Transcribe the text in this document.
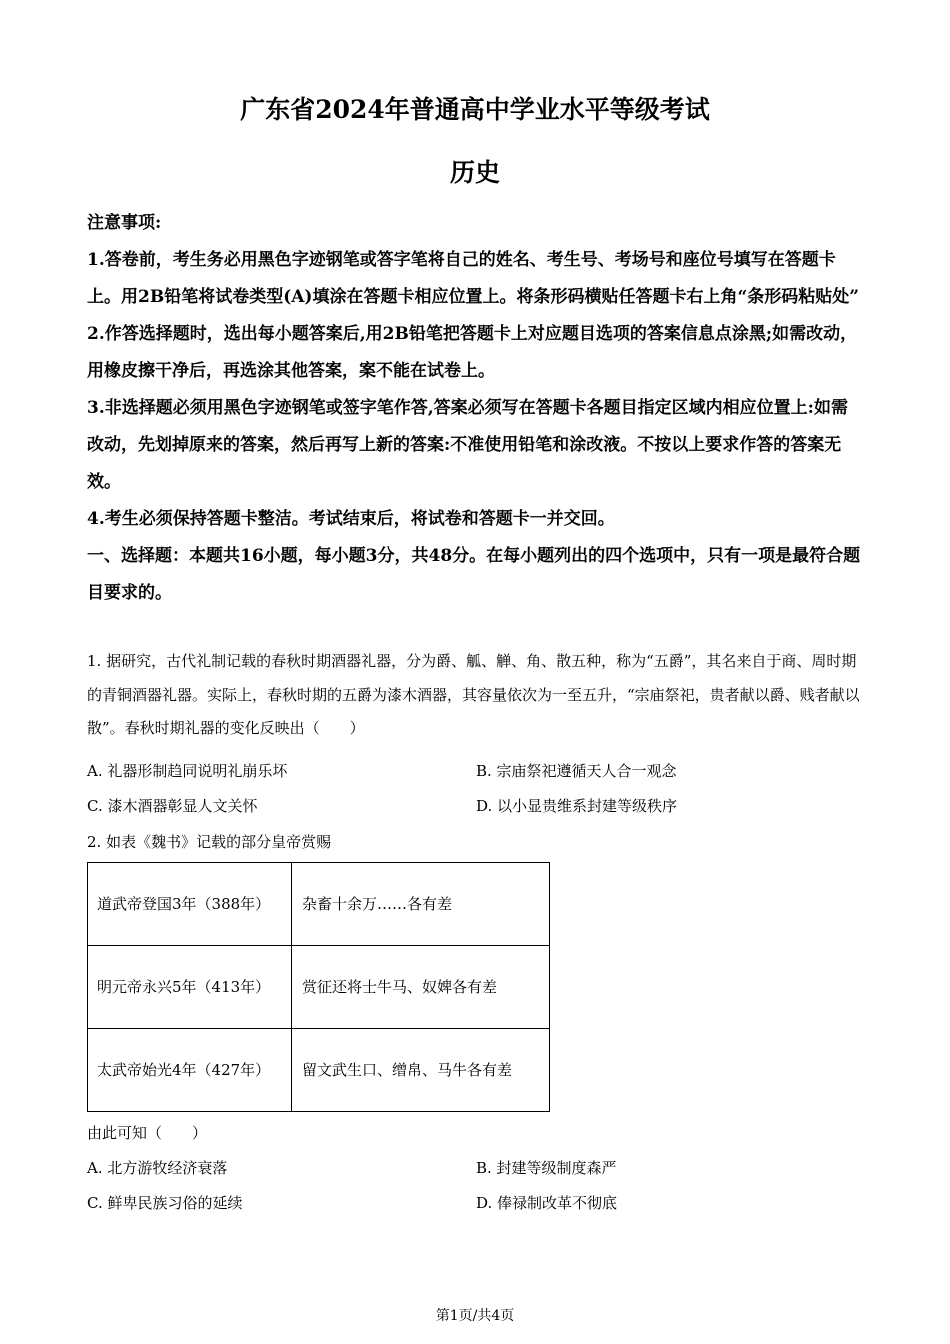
广东省2024年普通高中学业水平等级考试
历史

注意事项:

1.答卷前，考生务必用黑色字迹钢笔或答字笔将自己的姓名、考生号、考场号和座位号填写在答题卡上。用2B铅笔将试卷类型(A)填涂在答题卡相应位置上。将条形码横贴任答题卡右上角“条形码粘贴处”

2.作答选择题时，选出每小题答案后,用2B铅笔把答题卡上对应题目选项的答案信息点涂黑;如需改动，用橡皮擦干净后，再选涂其他答案，案不能在试卷上。

3.非选择题必须用黑色字迹钢笔或签字笔作答,答案必须写在答题卡各题目指定区域内相应位置上:如需改动，先划掉原来的答案，然后再写上新的答案:不准使用铅笔和涂改液。不按以上要求作答的答案无效。

4.考生必须保持答题卡整洁。考试结束后，将试卷和答题卡一并交回。

一、选择题：本题共16小题，每小题3分，共48分。在每小题列出的四个选项中，只有一项是最符合题目要求的。

1. 据研究，古代礼制记载的春秋时期酒器礼器，分为爵、觚、觯、角、散五种，称为“五爵”，其名来自于商、周时期的青铜酒器礼器。实际上，春秋时期的五爵为漆木酒器，其容量依次为一至五升，“宗庙祭祀，贵者献以爵、贱者献以散”。春秋时期礼器的变化反映出（　　）

A. 礼器形制趋同说明礼崩乐坏	B. 宗庙祭祀遵循天人合一观念
C. 漆木酒器彰显人文关怀	D. 以小显贵维系封建等级秩序
2. 如表《魏书》记载的部分皇帝赏赐
道武帝登国3年（388年）	杂畜十余万……各有差
明元帝永兴5年（413年）	赏征还将士牛马、奴婢各有差
太武帝始光4年（427年）	留文武生口、缯帛、马牛各有差
由此可知（　　）
A. 北方游牧经济衰落	B. 封建等级制度森严
C. 鲜卑民族习俗的延续	D. 俸禄制改革不彻底
第1页/共4页
